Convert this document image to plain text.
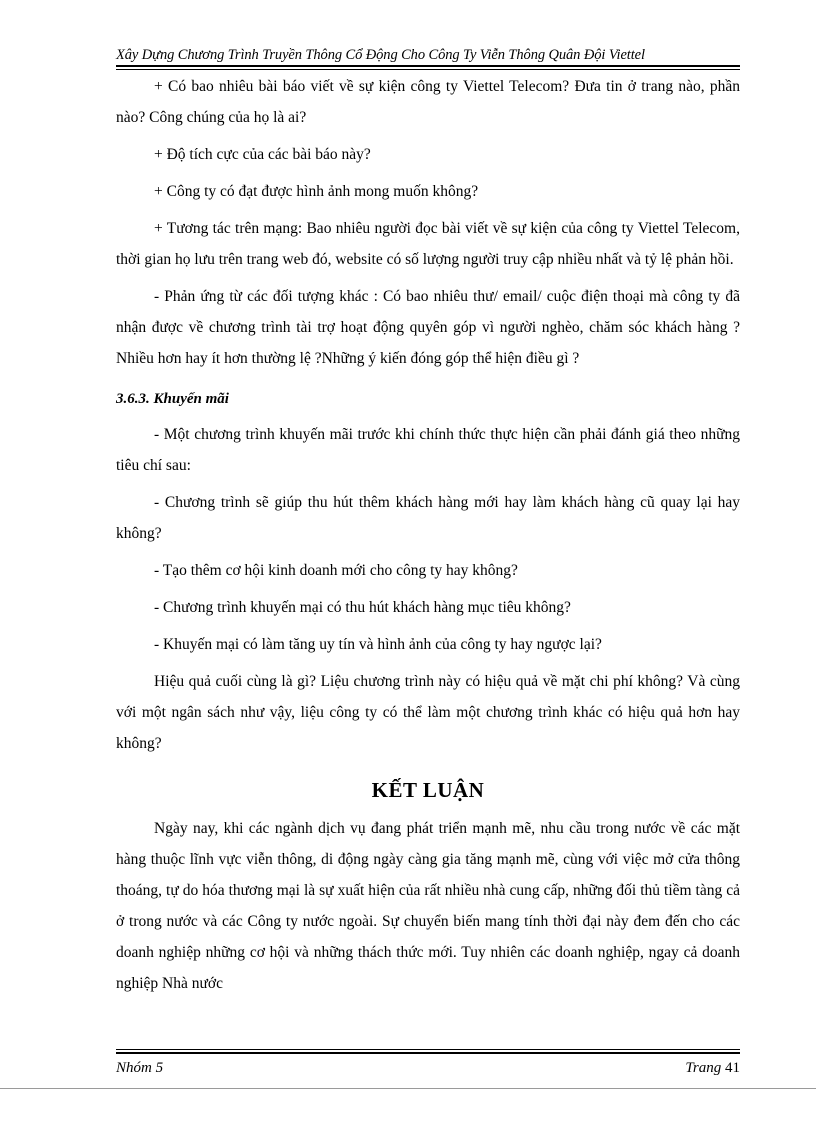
Xây Dựng Chương Trình Truyền Thông Cổ Động Cho Công Ty Viễn Thông Quân Đội Viettel

+ Có bao nhiêu bài báo viết về sự kiện công ty Viettel Telecom? Đưa tin ở trang nào, phần nào? Công chúng của họ là ai?

+ Độ tích cực của các bài báo này?

+ Công ty có đạt được hình ảnh mong muốn không?

+ Tương tác trên mạng: Bao nhiêu người đọc bài viết về sự kiện của công ty Viettel Telecom, thời gian họ lưu trên trang web đó, website có số lượng người truy cập nhiều nhất và tỷ lệ phản hồi.

- Phản ứng từ các đối tượng khác : Có bao nhiêu thư/ email/ cuộc điện thoại mà công ty đã nhận được về chương trình tài trợ hoạt động quyên góp vì người nghèo, chăm sóc khách hàng ? Nhiều hơn hay ít hơn thường lệ ?Những ý kiến đóng góp thể hiện điều gì ?

3.6.3. Khuyến mãi

- Một chương trình khuyến mãi trước khi chính thức thực hiện cần phải đánh giá theo những tiêu chí sau:

- Chương trình sẽ giúp thu hút thêm khách hàng mới hay làm khách hàng cũ quay lại hay không?

- Tạo thêm cơ hội kinh doanh mới cho công ty hay không?

- Chương trình khuyến mại có thu hút khách hàng mục tiêu không?

- Khuyến mại có làm tăng uy tín và hình ảnh của công ty hay ngược lại?

Hiệu quả cuối cùng là gì? Liệu chương trình này có hiệu quả về mặt chi phí không? Và cùng với một ngân sách như vậy, liệu công ty có thể làm một chương trình khác có hiệu quả hơn hay không?

KẾT LUẬN

Ngày nay, khi các ngành dịch vụ đang phát triển mạnh mẽ, nhu cầu trong nước về các mặt hàng thuộc lĩnh vực viễn thông, di động ngày càng gia tăng mạnh mẽ, cùng với việc mở cửa thông thoáng, tự do hóa thương mại là sự xuất hiện của rất nhiều nhà cung cấp, những đối thủ tiềm tàng cả ở trong nước và các Công ty nước ngoài. Sự chuyển biến mang tính thời đại này đem đến cho các doanh nghiệp những cơ hội và những thách thức mới. Tuy nhiên các doanh nghiệp, ngay cả doanh nghiệp Nhà nước

Nhóm 5	Trang 41
